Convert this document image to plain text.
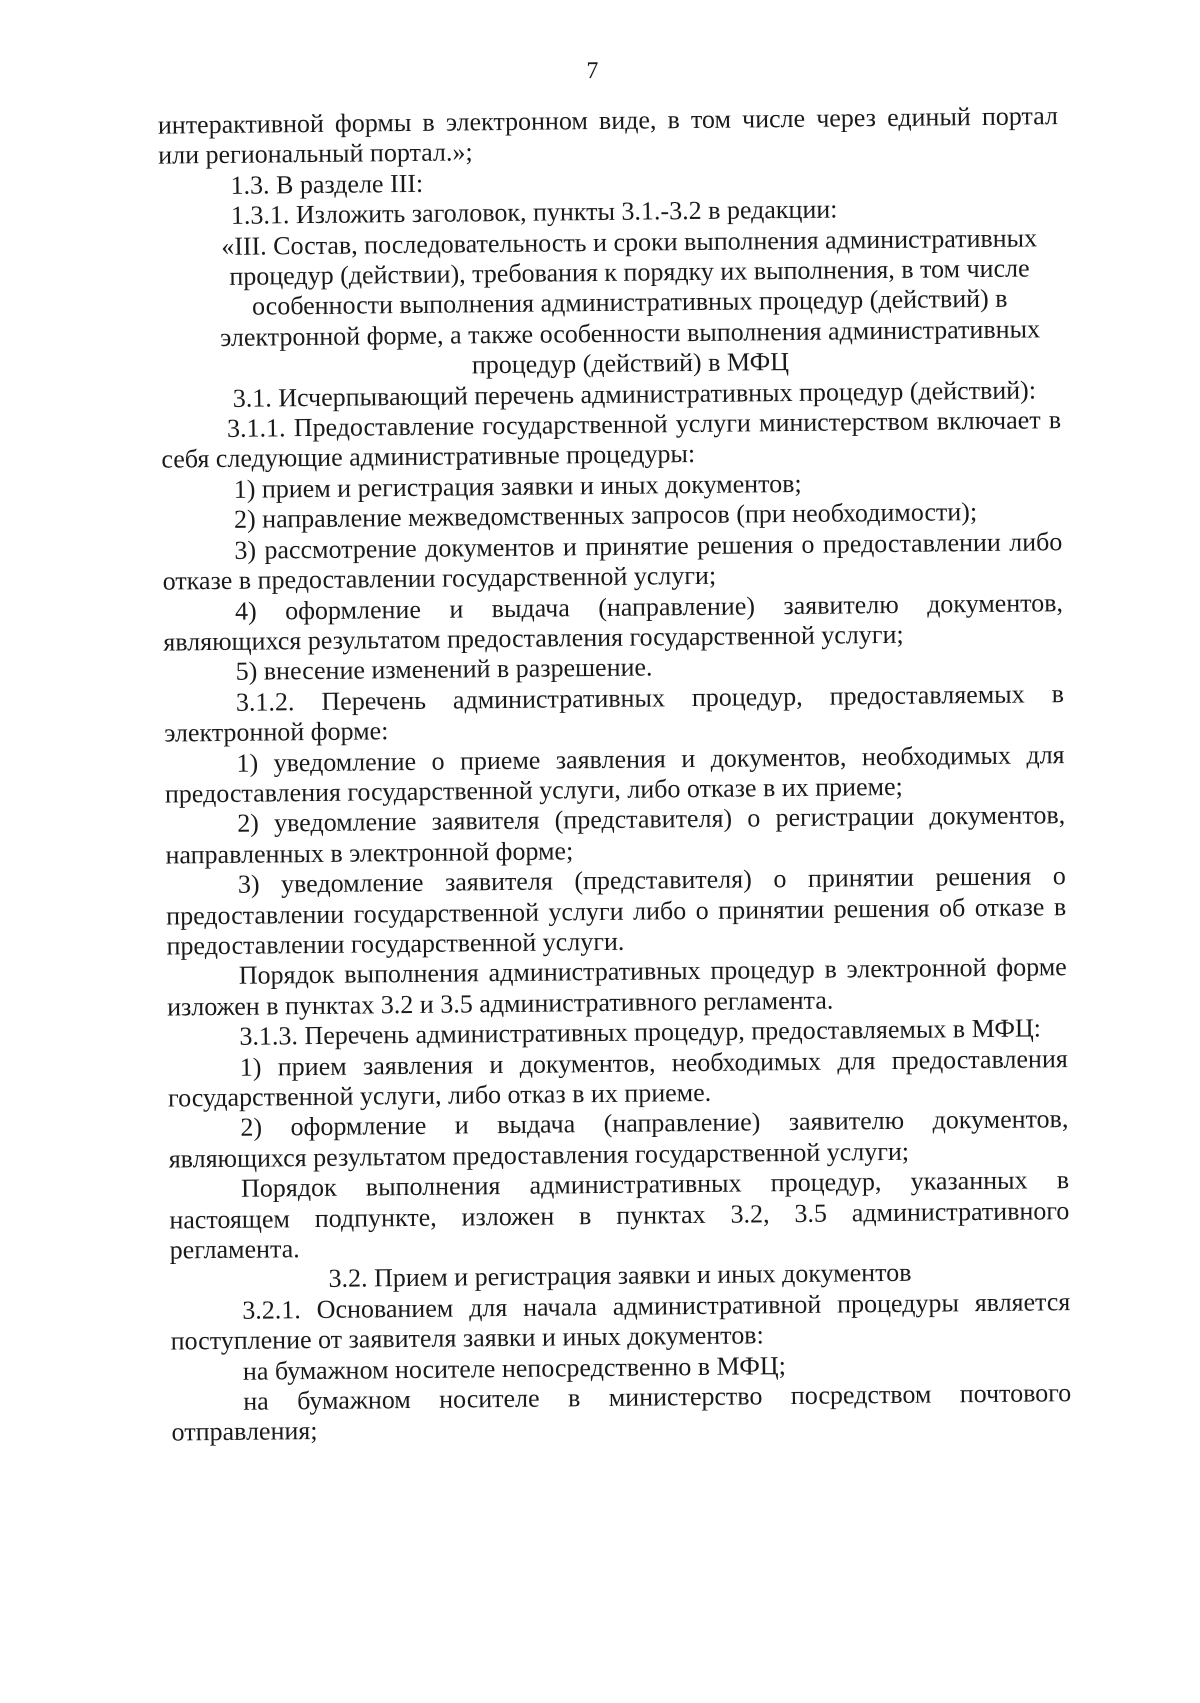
7

интерактивной формы в электронном виде, в том числе через единый портал или региональный портал.»;

1.3. В разделе III:

1.3.1. Изложить заголовок, пункты 3.1.-3.2 в редакции:

«III. Состав, последовательность и сроки выполнения административных процедур (действии), требования к порядку их выполнения, в том числе особенности выполнения административных процедур (действий) в электронной форме, а также особенности выполнения административных процедур (действий) в МФЦ

3.1. Исчерпывающий перечень административных процедур (действий):

3.1.1. Предоставление государственной услуги министерством включает в себя следующие административные процедуры:

1) прием и регистрация заявки и иных документов;

2) направление межведомственных запросов (при необходимости);

3) рассмотрение документов и принятие решения о предоставлении либо отказе в предоставлении государственной услуги;

4) оформление и выдача (направление) заявителю документов, являющихся результатом предоставления государственной услуги;

5) внесение изменений в разрешение.

3.1.2. Перечень административных процедур, предоставляемых в электронной форме:

1) уведомление о приеме заявления и документов, необходимых для предоставления государственной услуги, либо отказе в их приеме;

2) уведомление заявителя (представителя) о регистрации документов, направленных в электронной форме;

3) уведомление заявителя (представителя) о принятии решения о предоставлении государственной услуги либо о принятии решения об отказе в предоставлении государственной услуги.

Порядок выполнения административных процедур в электронной форме изложен в пунктах 3.2 и 3.5 административного регламента.

3.1.3. Перечень административных процедур, предоставляемых в МФЦ:

1) прием заявления и документов, необходимых для предоставления государственной услуги, либо отказ в их приеме.

2) оформление и выдача (направление) заявителю документов, являющихся результатом предоставления государственной услуги;

Порядок выполнения административных процедур, указанных в настоящем подпункте, изложен в пунктах 3.2, 3.5 административного регламента.

3.2. Прием и регистрация заявки и иных документов

3.2.1. Основанием для начала административной процедуры является поступление от заявителя заявки и иных документов:

на бумажном носителе непосредственно в МФЦ;

на бумажном носителе в министерство посредством почтового отправления;
